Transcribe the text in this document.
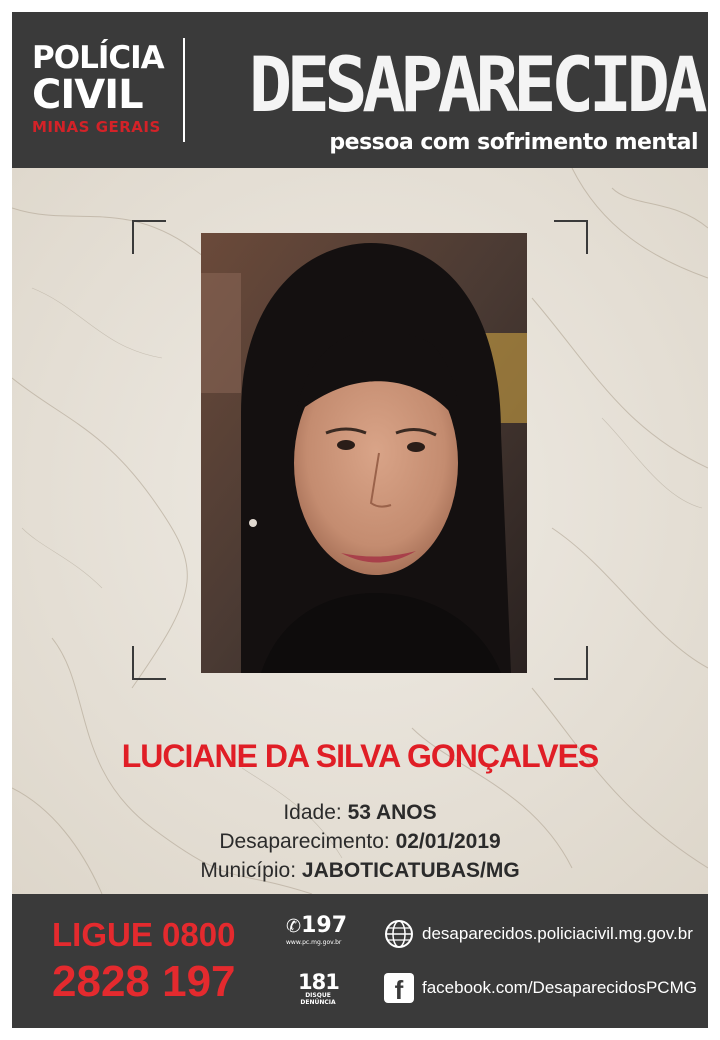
POLÍCIA
CIVIL
MINAS GERAIS DESAPARECIDA
pessoa com sofrimento mental
LUCIANE DA SILVA GONÇALVES
Idade: 53 ANOS
Desaparecimento: 02/01/2019
Município: JABOTICATUBAS/MG
LIGUE 0800
2828 197
✆197
www.pc.mg.gov.br
181
DISQUE
DENÚNCIA
desaparecidos.policiacivil.mg.gov.br
f	facebook.com/DesaparecidosPCMG
